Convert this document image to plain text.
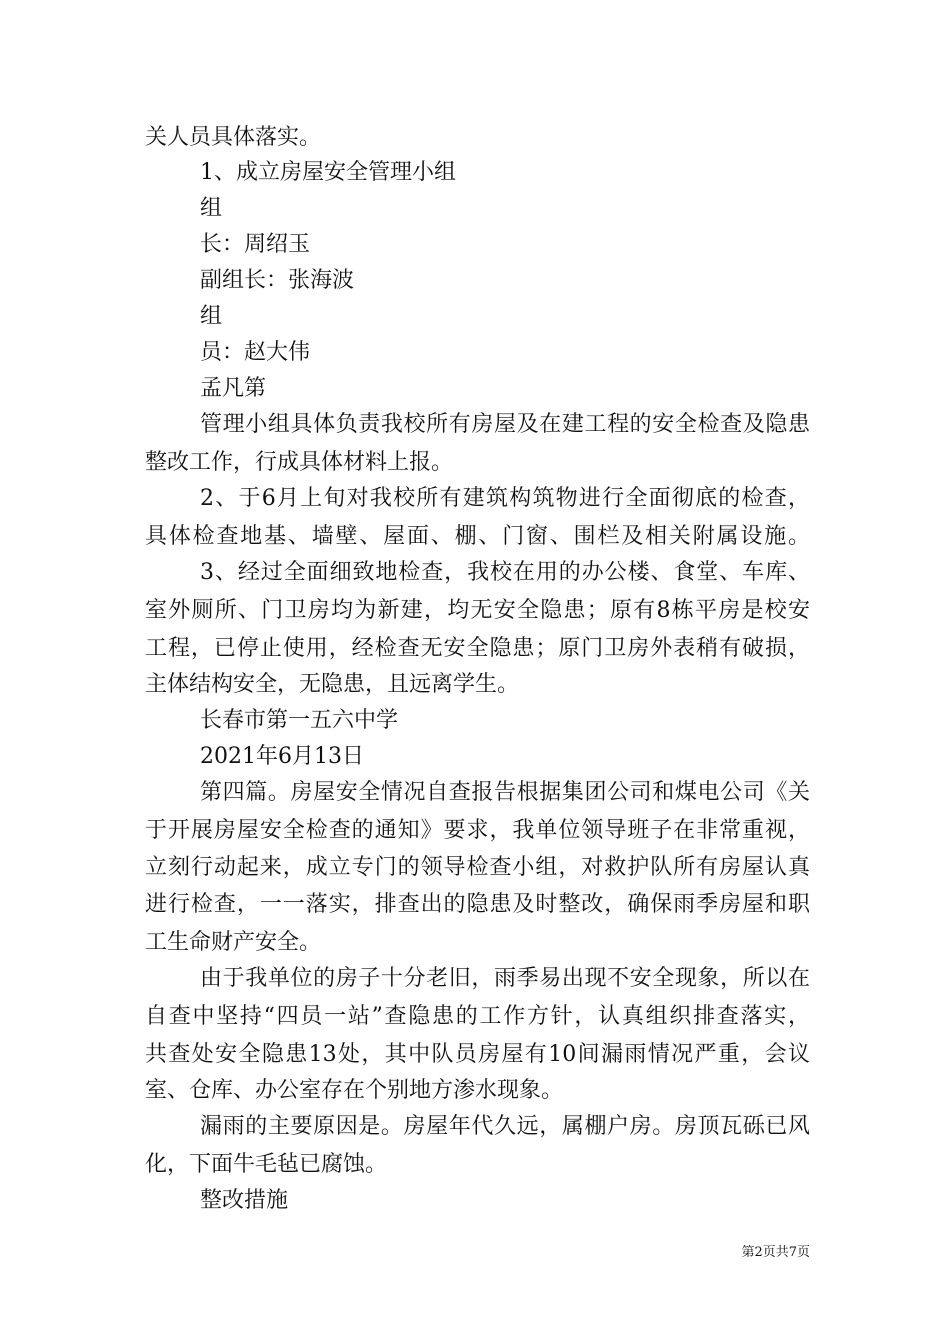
关人员具体落实。
1、成立房屋安全管理小组
组
长：周绍玉
副组长：张海波
组
员：赵大伟
孟凡第
管理小组具体负责我校所有房屋及在建工程的安全检查及隐患
整改工作，行成具体材料上报。
2、于6月上旬对我校所有建筑构筑物进行全面彻底的检查，
具体检查地基、墙壁、屋面、棚、门窗、围栏及相关附属设施。
3、经过全面细致地检查，我校在用的办公楼、食堂、车库、
室外厕所、门卫房均为新建，均无安全隐患；原有8栋平房是校安
工程，已停止使用，经检查无安全隐患；原门卫房外表稍有破损，
主体结构安全，无隐患，且远离学生。
长春市第一五六中学
2021年6月13日
第四篇。房屋安全情况自查报告根据集团公司和煤电公司《关
于开展房屋安全检查的通知》要求，我单位领导班子在非常重视，
立刻行动起来，成立专门的领导检查小组，对救护队所有房屋认真
进行检查，一一落实，排查出的隐患及时整改，确保雨季房屋和职
工生命财产安全。
由于我单位的房子十分老旧，雨季易出现不安全现象，所以在
自查中坚持“四员一站”查隐患的工作方针，认真组织排查落实，
共查处安全隐患13处，其中队员房屋有10间漏雨情况严重，会议
室、仓库、办公室存在个别地方渗水现象。
漏雨的主要原因是。房屋年代久远，属棚户房。房顶瓦砾已风
化，下面牛毛毡已腐蚀。
整改措施
第2页共7页
